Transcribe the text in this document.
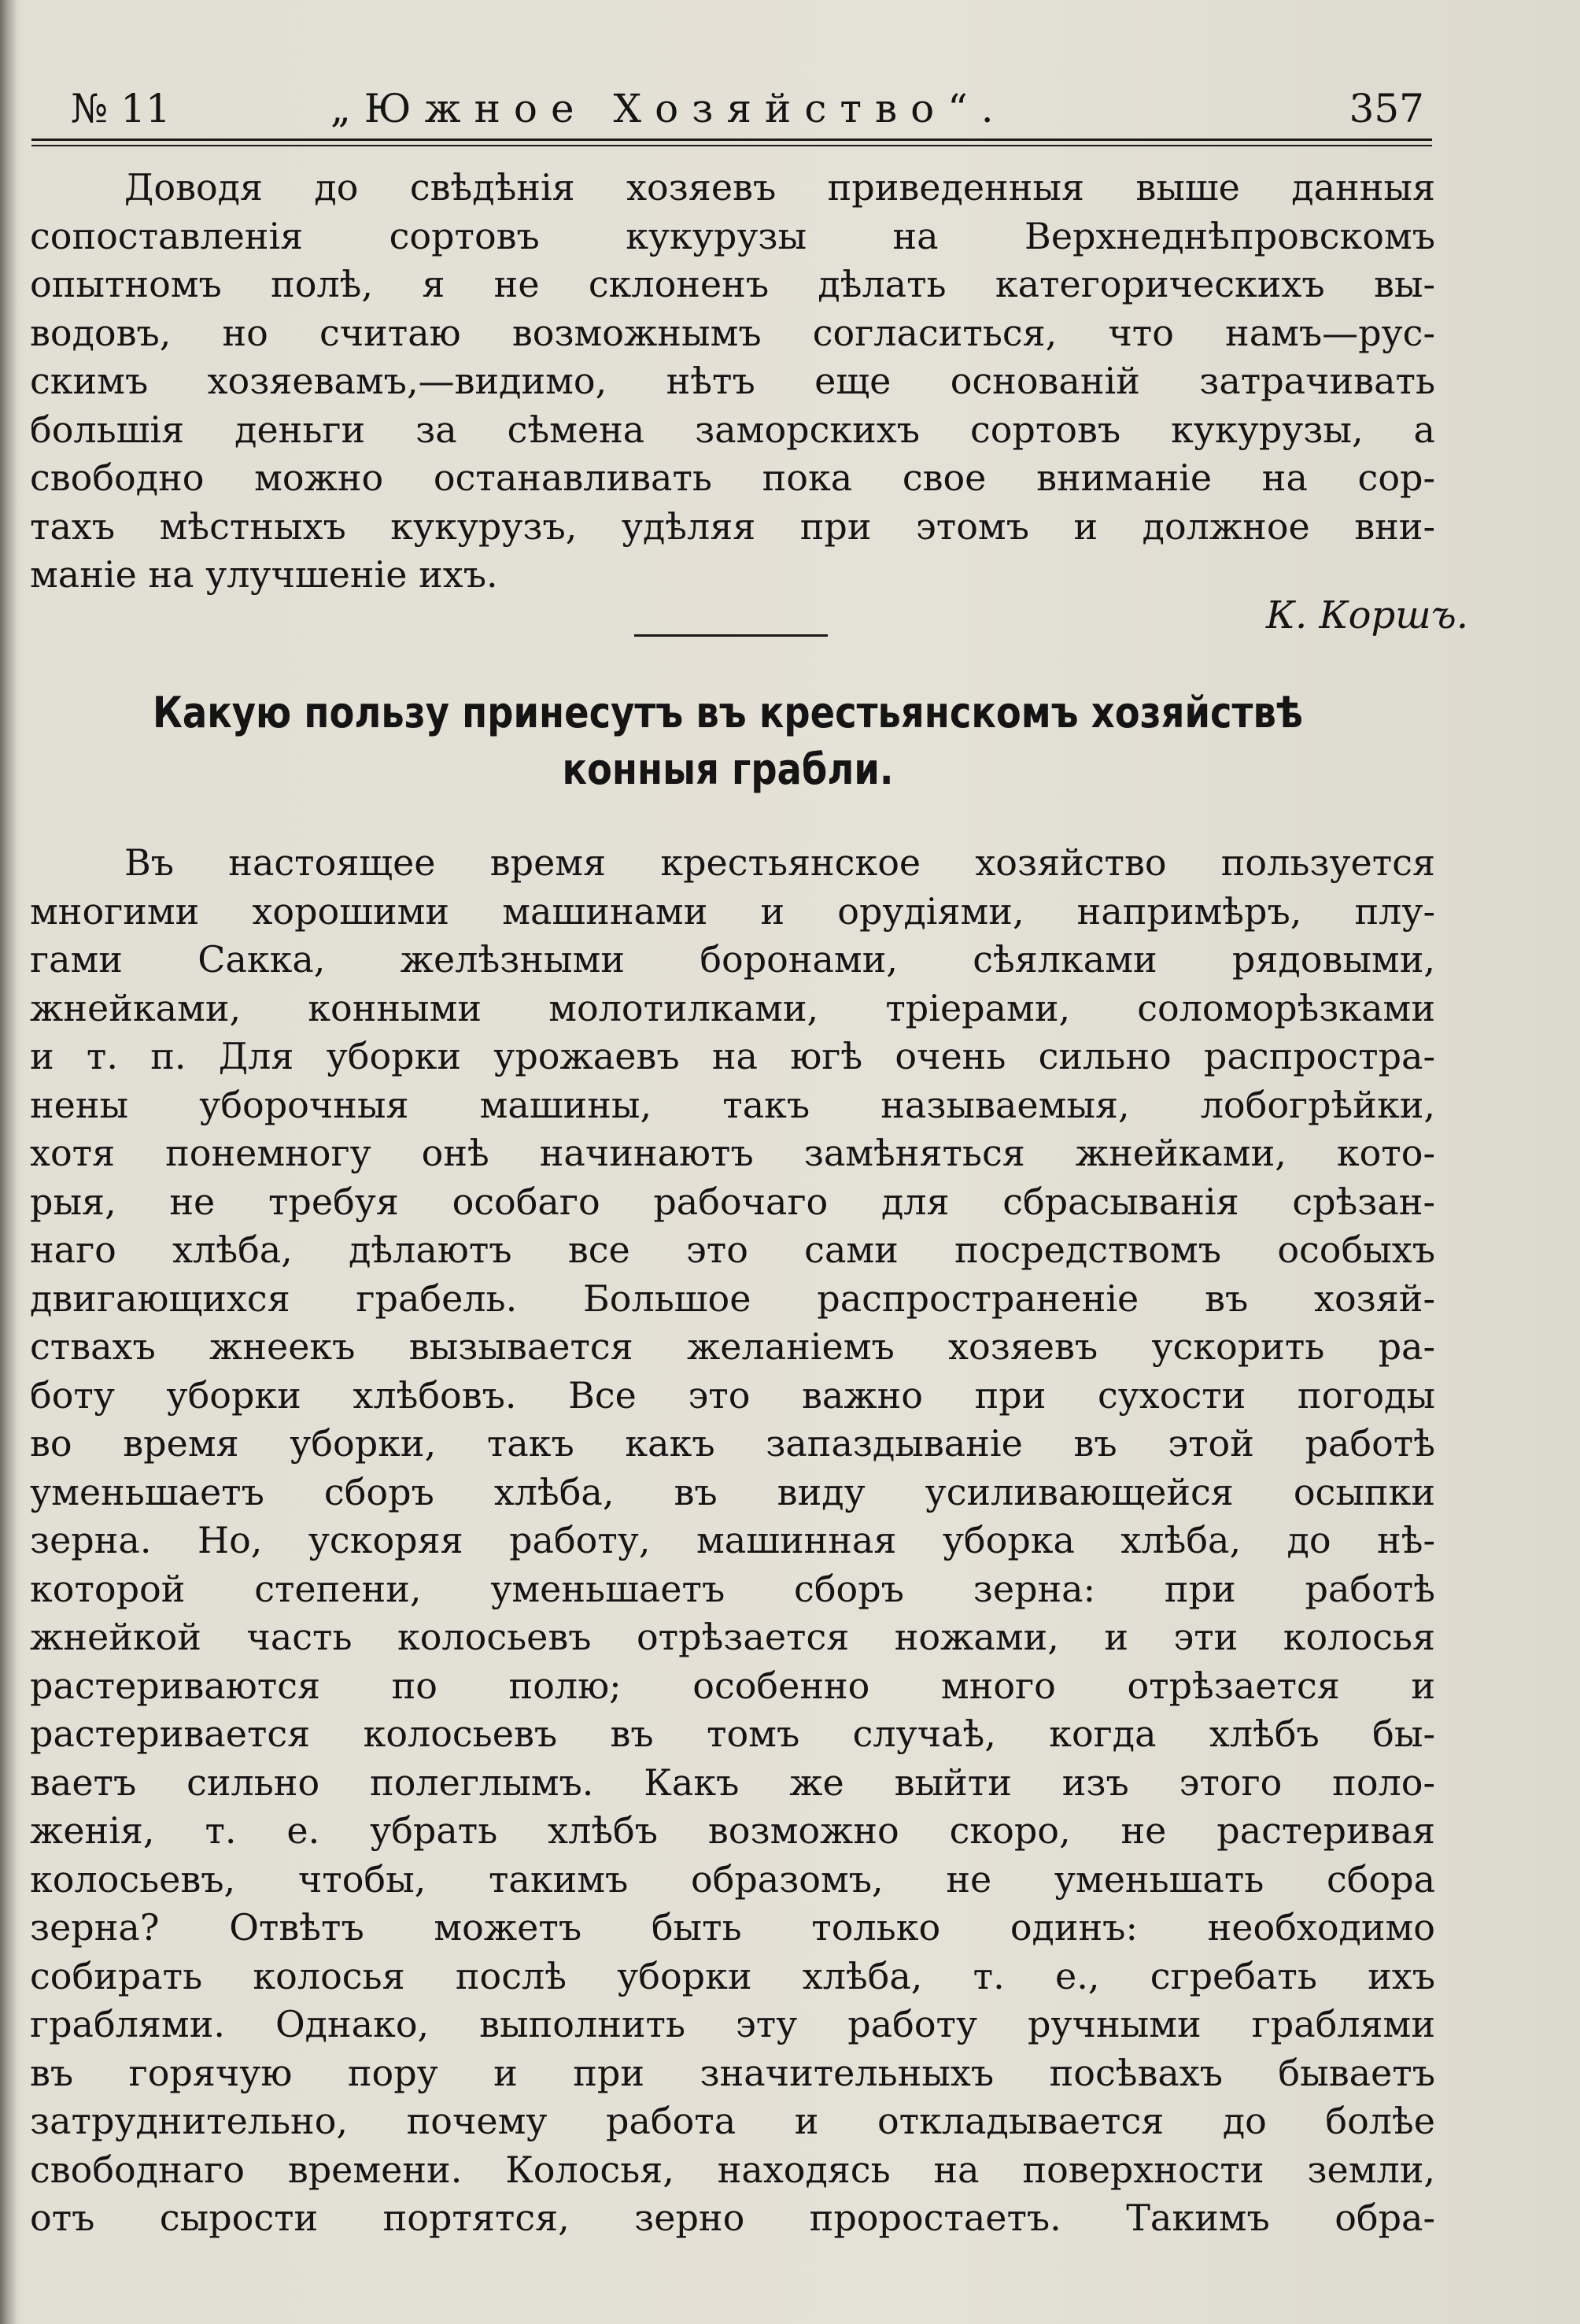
№ 11	„Южное Хозяйство“.	357

Доводя до свѣдѣнія хозяевъ приведенныя выше данныя
сопоставленія сортовъ кукурузы на Верхнеднѣпровскомъ
опытномъ полѣ, я не склоненъ дѣлать категорическихъ вы-
водовъ, но считаю возможнымъ согласиться, что намъ—рус-
скимъ хозяевамъ,—видимо, нѣтъ еще основаній затрачивать
большія деньги за сѣмена заморскихъ сортовъ кукурузы, а
свободно можно останавливать пока свое вниманіе на сор-
тахъ мѣстныхъ кукурузъ, удѣляя при этомъ и должное вни-
маніе на улучшеніе ихъ.

К. Коршъ.
Какую пользу принесутъ въ крестьянскомъ хозяйствѣ
конныя грабли.

Въ настоящее время крестьянское хозяйство пользуется
многими хорошими машинами и орудіями, напримѣръ, плу-
гами Сакка, желѣзными боронами, сѣялками рядовыми,
жнейками, конными молотилками, тріерами, соломорѣзками
и т. п. Для уборки урожаевъ на югѣ очень сильно распростра-
нены уборочныя машины, такъ называемыя, лобогрѣйки,
хотя понемногу онѣ начинаютъ замѣняться жнейками, кото-
рыя, не требуя особаго рабочаго для сбрасыванія срѣзан-
наго хлѣба, дѣлаютъ все это сами посредствомъ особыхъ
двигающихся грабель. Большое распространеніе въ хозяй-
ствахъ жнеекъ вызывается желаніемъ хозяевъ ускорить ра-
боту уборки хлѣбовъ. Все это важно при сухости погоды
во время уборки, такъ какъ запаздываніе въ этой работѣ
уменьшаетъ сборъ хлѣба, въ виду усиливающейся осыпки
зерна. Но, ускоряя работу, машинная уборка хлѣба, до нѣ-
которой степени, уменьшаетъ сборъ зерна: при работѣ
жнейкой часть колосьевъ отрѣзается ножами, и эти колосья
растериваются по полю; особенно много отрѣзается и
растеривается колосьевъ въ томъ случаѣ, когда хлѣбъ бы-
ваетъ сильно полеглымъ. Какъ же выйти изъ этого поло-
женія, т. е. убрать хлѣбъ возможно скоро, не растеривая
колосьевъ, чтобы, такимъ образомъ, не уменьшать сбора
зерна? Отвѣтъ можетъ быть только одинъ: необходимо
собирать колосья послѣ уборки хлѣба, т. е., сгребать ихъ
граблями. Однако, выполнить эту работу ручными граблями
въ горячую пору и при значительныхъ посѣвахъ бываетъ
затруднительно, почему работа и откладывается до болѣе
свободнаго времени. Колосья, находясь на поверхности земли,
отъ сырости портятся, зерно проростаетъ. Такимъ обра-
